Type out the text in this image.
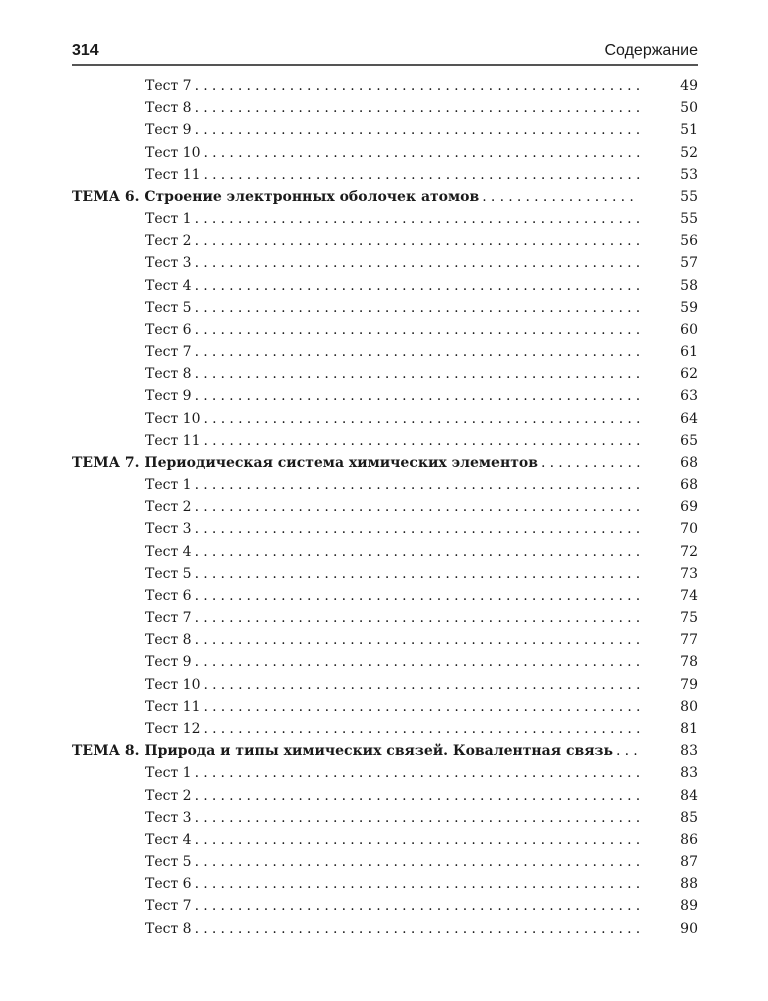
314	Содержание
Тест 7 ....................................................	49
Тест 8 ....................................................	50
Тест 9 ....................................................	51
Тест 10 ...................................................	52
Тест 11 ...................................................	53
ТЕМА 6. Строение электронных оболочек атомов ..................	55
Тест 1 ....................................................	55
Тест 2 ....................................................	56
Тест 3 ....................................................	57
Тест 4 ....................................................	58
Тест 5 ....................................................	59
Тест 6 ....................................................	60
Тест 7 ....................................................	61
Тест 8 ....................................................	62
Тест 9 ....................................................	63
Тест 10 ...................................................	64
Тест 11 ...................................................	65
ТЕМА 7. Периодическая система химических элементов ............	68
Тест 1 ....................................................	68
Тест 2 ....................................................	69
Тест 3 ....................................................	70
Тест 4 ....................................................	72
Тест 5 ....................................................	73
Тест 6 ....................................................	74
Тест 7 ....................................................	75
Тест 8 ....................................................	77
Тест 9 ....................................................	78
Тест 10 ...................................................	79
Тест 11 ...................................................	80
Тест 12 ...................................................	81
ТЕМА 8. Природа и типы химических связей. Ковалентная связь ...	83
Тест 1 ....................................................	83
Тест 2 ....................................................	84
Тест 3 ....................................................	85
Тест 4 ....................................................	86
Тест 5 ....................................................	87
Тест 6 ....................................................	88
Тест 7 ....................................................	89
Тест 8 ....................................................	90
